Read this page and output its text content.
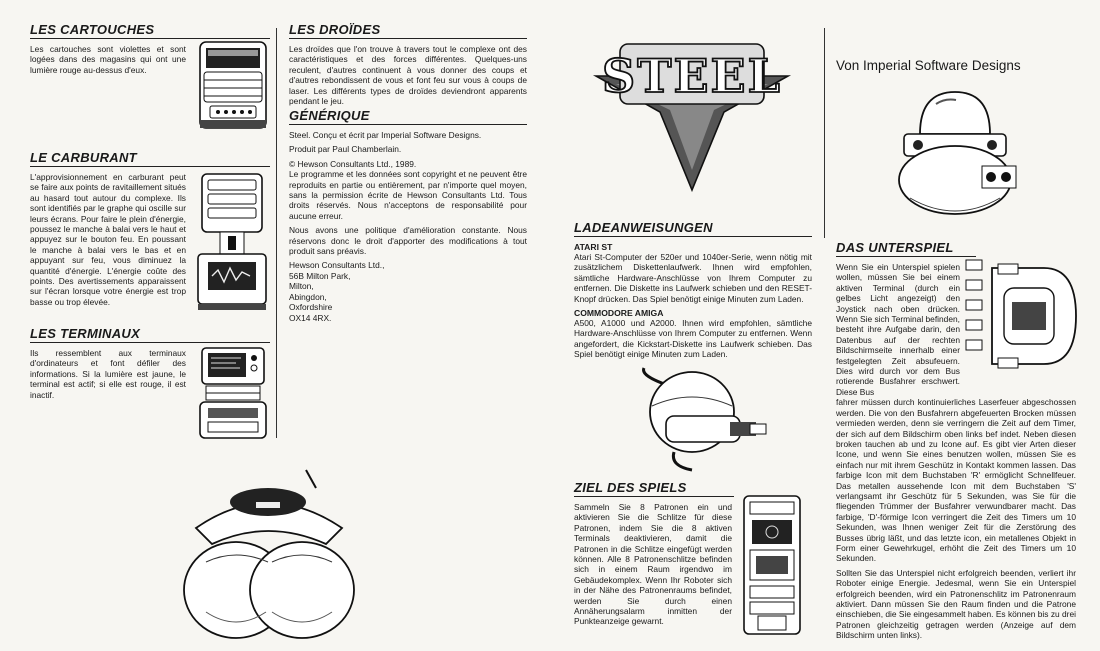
LES CARTOUCHES

Les cartouches sont violettes et sont logées dans des magasins qui ont une lumière rouge au-dessus d'eux.

LE CARBURANT

L'approvisionnement en carburant peut se faire aux points de ravitaillement situés au hasard tout autour du complexe. Ils sont identifiés par le graphe qui oscille sur leurs écrans. Pour faire le plein d'énergie, poussez le manche à balai vers le haut et appuyez sur le bouton feu. En poussant le manche à balai vers le bas et en appuyant sur feu, vous diminuez la quantité d'énergie. L'énergie coûte des points. Des avertissements apparaissent sur l'écran lorsque votre énergie est trop basse ou trop élevée.

LES TERMINAUX

Ils ressemblent aux terminaux d'ordinateurs et font défiler des informations. Si la lumière est jaune, le terminal est actif; si elle est rouge, il est inactif.

LES DROÏDES

Les droïdes que l'on trouve à travers tout le complexe ont des caractéristiques et des forces différentes. Quelques-uns reculent, d'autres continuent à vous donner des coups et d'autres rebondissent de vous et font feu sur vous à coups de laser. Les différents types de droïdes deviendront apparents pendant le jeu.

GÉNÉRIQUE

Steel. Conçu et écrit par Imperial Software Designs.

Produit par Paul Chamberlain.

© Hewson Consultants Ltd., 1989.

Le programme et les données sont copyright et ne peuvent être reproduits en partie ou entièrement, par n'importe quel moyen, sans la permission écrite de Hewson Consultants Ltd. Tous droits réservés. Nous n'acceptons de responsabilité pour aucune erreur.

Nous avons une politique d'amélioration constante. Nous réservons donc le droit d'apporter des modifications à tout produit sans préavis.

Hewson Consultants Ltd.,

56B Milton Park,

Milton,

Abingdon,

Oxfordshire

OX14 4RX.

STEEL
LADEANWEISUNGEN

ATARI ST

Atari St-Computer der 520er und 1040er-Serie, wenn nötig mit zusätzlichem Diskettenlaufwerk. Ihnen wird empfohlen, sämtliche Hardware-Anschlüsse von Ihrem Computer zu entfernen. Die Diskette ins Laufwerk schieben und den RESET-Knopf drücken. Das Spiel benötigt einige Minuten zum Laden.

COMMODORE AMIGA

A500, A1000 und A2000. Ihnen wird empfohlen, sämtliche Hardware-Anschlüsse von Ihrem Computer zu entfernen. Wenn angefordert, die Kickstart-Diskette ins Laufwerk schieben. Das Spiel benötigt einige Minuten zum Laden.

ZIEL DES SPIELS

Sammeln Sie 8 Patronen ein und aktivieren Sie die Schlitze für diese Patronen, indem Sie die 8 aktiven Terminals deaktivieren, damit die Patronen in die Schlitze eingefügt werden können. Alle 8 Patronenschlitze befinden sich in einem Raum irgendwo im Gebäudekomplex. Wenn Ihr Roboter sich in der Nähe des Patronenraums befindet, werden Sie durch einen Annäherungsalarm inmitten der Punkteanzeige gewarnt.

Von Imperial Software Designs
DAS UNTERSPIEL

Wenn Sie ein Unterspiel spielen wollen, müssen Sie bei einem aktiven Terminal (durch ein gelbes Licht angezeigt) den Joystick nach oben drücken. Wenn Sie sich Terminal befinden, besteht ihre Aufgabe darin, den Datenbus auf der rechten Bildschirmseite innerhalb einer festgelegten Zeit absufeuern. Dies wird durch vor dem Bus rotierende Busfahrer erschwert. Diese Bus

fahrer müssen durch kontinuierliches Laserfeuer abgeschossen werden. Die von den Busfahrern abgefeuerten Brocken müssen vermieden werden, denn sie verringern die Zeit auf dem Timer, der sich auf dem Bildschirm oben links bef indet. Neben diesen broken tauchen ab und zu Icone auf. Es gibt vier Arten dieser Icone, und wenn Sie eines benutzen wollen, müssen Sie es einfach nur mit ihrem Geschütz in Kontakt kommen lassen. Das farbige Icon mit dem Buchstaben 'R' ermöglicht Schnellfeuer. Das metallen aussehende Icon mit dem Buchstaben 'S' verlangsamt ihr Geschütz für 5 Sekunden, was Sie für die fliegenden Trümmer der Busfahrer verwundbarer macht. Das farbige, 'D'-förmige Icon verringert die Zeit des Timers um 10 Sekunden, was Ihnen weniger Zeit für die Zerstörung des Busses übrig läßt, und das letzte icon, ein metallenes Objekt in Form einer Gewehrkugel, erhöht die Zeit des Timers um 10 Sekunden.

Sollten Sie das Unterspiel nicht erfolgreich beenden, verliert ihr Roboter einige Energie. Jedesmal, wenn Sie ein Unterspiel erfolgreich beenden, wird ein Patronenschlitz im Patronenraum aktiviert. Dann müssen Sie den Raum finden und die Patrone einschieben, die Sie eingesammelt haben. Es können bis zu drei Patronen gleichzeitig getragen werden (Anzeige auf dem Bildschirm unten links).
